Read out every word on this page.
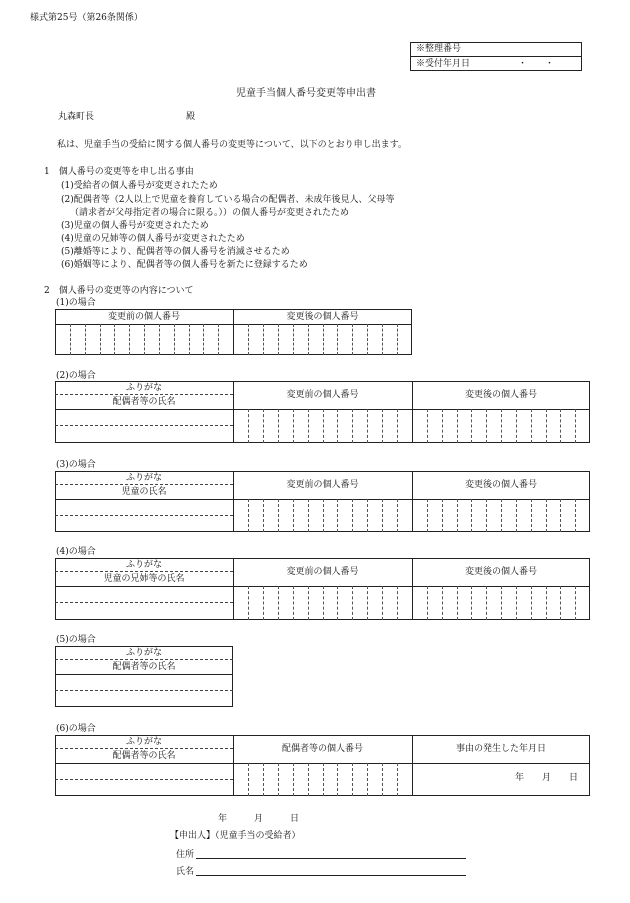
様式第25号（第26条関係）
※整理番号
※受付年月日	・　　・
児童手当個人番号変更等申出書
丸森町長	殿
私は、児童手当の受給に関する個人番号の変更等について、以下のとおり申し出ます。
1　個人番号の変更等を申し出る事由
(1)受給者の個人番号が変更されたため
(2)配偶者等（2人以上で児童を養育している場合の配偶者、未成年後見人、父母等
（請求者が父母指定者の場合に限る。））の個人番号が変更されたため
(3)児童の個人番号が変更されたため
(4)児童の兄姉等の個人番号が変更されたため
(5)離婚等により、配偶者等の個人番号を消滅させるため
(6)婚姻等により、配偶者等の個人番号を新たに登録するため
2　個人番号の変更等の内容について
(1)の場合
変更前の個人番号	変更後の個人番号
(2)の場合
ふりがな
配偶者等の氏名
変更前の個人番号	変更後の個人番号
(3)の場合
ふりがな
児童の氏名
変更前の個人番号	変更後の個人番号
(4)の場合
ふりがな
児童の兄姉等の氏名
変更前の個人番号	変更後の個人番号
(5)の場合
ふりがな
配偶者等の氏名
(6)の場合
ふりがな
配偶者等の氏名
配偶者等の個人番号	事由の発生した年月日
年　　月　　日
年　　　月　　　日
【申出人】（児童手当の受給者）
住所
氏名
